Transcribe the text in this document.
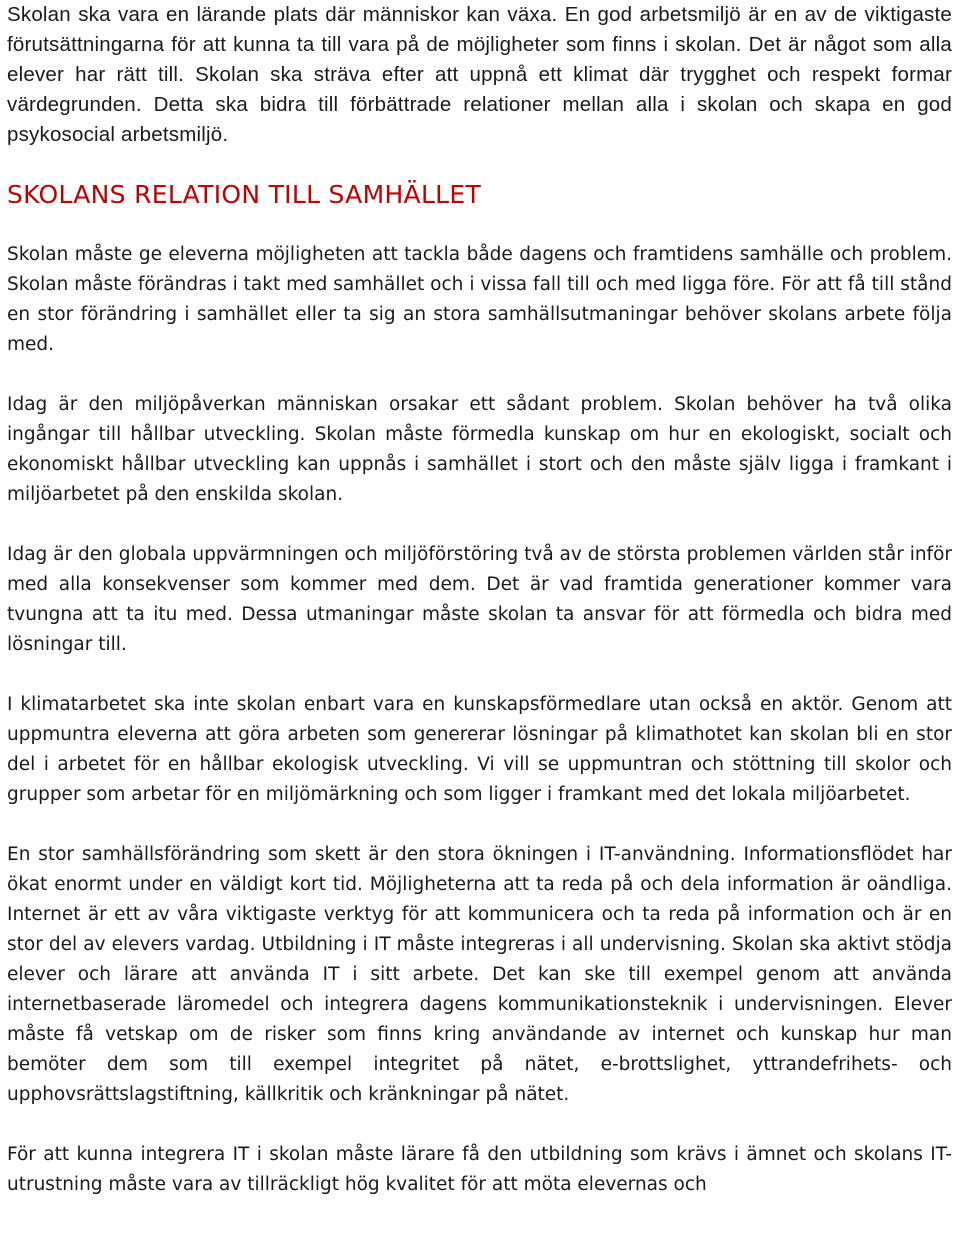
Skolan ska vara en lärande plats där människor kan växa. En god arbetsmiljö är en av de viktigaste förutsättningarna för att kunna ta till vara på de möjligheter som finns i skolan. Det är något som alla elever har rätt till. Skolan ska sträva efter att uppnå ett klimat där trygghet och respekt formar värdegrunden. Detta ska bidra till förbättrade relationer mellan alla i skolan och skapa en god psykosocial arbetsmiljö.

SKOLANS RELATION TILL SAMHÄLLET

Skolan måste ge eleverna möjligheten att tackla både dagens och framtidens samhälle och problem. Skolan måste förändras i takt med samhället och i vissa fall till och med ligga före. För att få till stånd en stor förändring i samhället eller ta sig an stora samhällsutmaningar behöver skolans arbete följa med.

Idag är den miljöpåverkan människan orsakar ett sådant problem. Skolan behöver ha två olika ingångar till hållbar utveckling. Skolan måste förmedla kunskap om hur en ekologiskt, socialt och ekonomiskt hållbar utveckling kan uppnås i samhället i stort och den måste själv ligga i framkant i miljöarbetet på den enskilda skolan.

Idag är den globala uppvärmningen och miljöförstöring två av de största problemen världen står inför med alla konsekvenser som kommer med dem. Det är vad framtida generationer kommer vara tvungna att ta itu med. Dessa utmaningar måste skolan ta ansvar för att förmedla och bidra med lösningar till.

I klimatarbetet ska inte skolan enbart vara en kunskapsförmedlare utan också en aktör. Genom att uppmuntra eleverna att göra arbeten som genererar lösningar på klimathotet kan skolan bli en stor del i arbetet för en hållbar ekologisk utveckling. Vi vill se uppmuntran och stöttning till skolor och grupper som arbetar för en miljömärkning och som ligger i framkant med det lokala miljöarbetet.

En stor samhällsförändring som skett är den stora ökningen i IT-användning. Informationsflödet har ökat enormt under en väldigt kort tid. Möjligheterna att ta reda på och dela information är oändliga. Internet är ett av våra viktigaste verktyg för att kommunicera och ta reda på information och är en stor del av elevers vardag. Utbildning i IT måste integreras i all undervisning. Skolan ska aktivt stödja elever och lärare att använda IT i sitt arbete. Det kan ske till exempel genom att använda internetbaserade läromedel och integrera dagens kommunikationsteknik i undervisningen. Elever måste få vetskap om de risker som finns kring användande av internet och kunskap hur man bemöter dem som till exempel integritet på nätet, e-brottslighet, yttrandefrihets- och upphovsrättslagstiftning, källkritik och kränkningar på nätet.

För att kunna integrera IT i skolan måste lärare få den utbildning som krävs i ämnet och skolans IT-utrustning måste vara av tillräckligt hög kvalitet för att möta elevernas och
